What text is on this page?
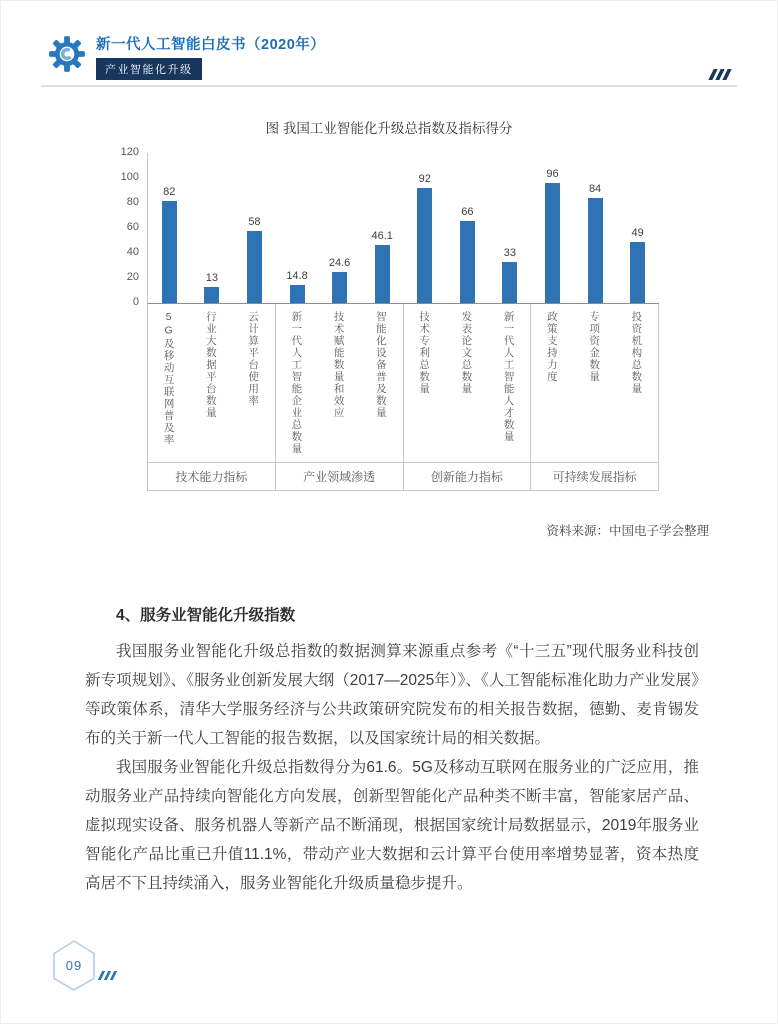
新一代人工智能白皮书（2020年）
产业智能化升级
图 我国工业智能化升级总指数及指标得分
0
20
40
60
80
100
120
82
13
58
14.8
24.6
46.1
92
66
33
96
84
49
5G及移动互联网普及率	行业大数据平台数量	云计算平台使用率	新一代人工智能企业总数量	技术赋能数量和效应	智能化设备普及数量	技术专利总数量	发表论文总数量	新一代人工智能人才数量	政策支持力度	专项资金数量	投资机构总数量
技术能力指标	产业领域渗透	创新能力指标	可持续发展指标
资料来源：中国电子学会整理
4、服务业智能化升级指数

我国服务业智能化升级总指数的数据测算来源重点参考《“十三五”现代服务业科技创新专项规划》、《服务业创新发展大纲（2017—2025年）》、《人工智能标准化助力产业发展》等政策体系，清华大学服务经济与公共政策研究院发布的相关报告数据，德勤、麦肯锡发布的关于新一代人工智能的报告数据，以及国家统计局的相关数据。

我国服务业智能化升级总指数得分为61.6。5G及移动互联网在服务业的广泛应用，推动服务业产品持续向智能化方向发展，创新型智能化产品种类不断丰富，智能家居产品、虚拟现实设备、服务机器人等新产品不断涌现，根据国家统计局数据显示，2019年服务业智能化产品比重已升值11.1%，带动产业大数据和云计算平台使用率增势显著，资本热度高居不下且持续涌入，服务业智能化升级质量稳步提升。

09
